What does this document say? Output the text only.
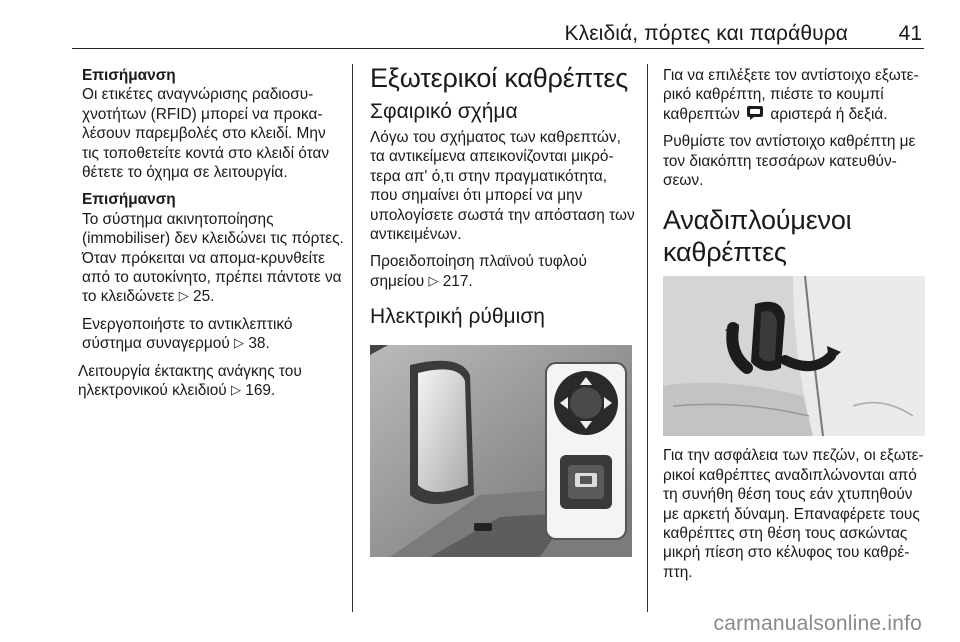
Κλειδιά, πόρτες και παράθυρα 41
Επισήμανση
Οι ετικέτες αναγνώρισης ραδιοσυ-χνοτήτων (RFID) μπορεί να προκα-λέσουν παρεμβολές στο κλειδί. Μην τις τοποθετείτε κοντά στο κλειδί όταν θέτετε το όχημα σε λειτουργία.
Επισήμανση
Το σύστημα ακινητοποίησης (immobiliser) δεν κλειδώνει τις πόρτες. Όταν πρόκειται να απομα-κρυνθείτε από το αυτοκίνητο, πρέπει πάντοτε να το κλειδώνετε ▷ 25.
Ενεργοποιήστε το αντικλεπτικό σύστημα συναγερμού ▷ 38.
Λειτουργία έκτακτης ανάγκης του ηλεκτρονικού κλειδιού ▷ 169.
Εξωτερικοί καθρέπτες
Σφαιρικό σχήμα
Λόγω του σχήματος των καθρεπτών, τα αντικείμενα απεικονίζονται μικρό-τερα απ' ό,τι στην πραγματικότητα, που σημαίνει ότι μπορεί να μην υπολογίσετε σωστά την απόσταση των αντικειμένων.
Προειδοποίηση πλαϊνού τυφλού σημείου ▷ 217.
Ηλεκτρική ρύθμιση
Για να επιλέξετε τον αντίστοιχο εξωτε-ρικό καθρέπτη, πιέστε το κουμπί καθρεπτών αριστερά ή δεξιά.
Ρυθμίστε τον αντίστοιχο καθρέπτη με τον διακόπτη τεσσάρων κατευθύν-σεων.
Αναδιπλούμενοι καθρέπτες
Για την ασφάλεια των πεζών, οι εξωτε-ρικοί καθρέπτες αναδιπλώνονται από τη συνήθη θέση τους εάν χτυπηθούν με αρκετή δύναμη. Επαναφέρετε τους καθρέπτες στη θέση τους ασκώντας μικρή πίεση στο κέλυφος του καθρέ-πτη.
carmanualsonline.info
